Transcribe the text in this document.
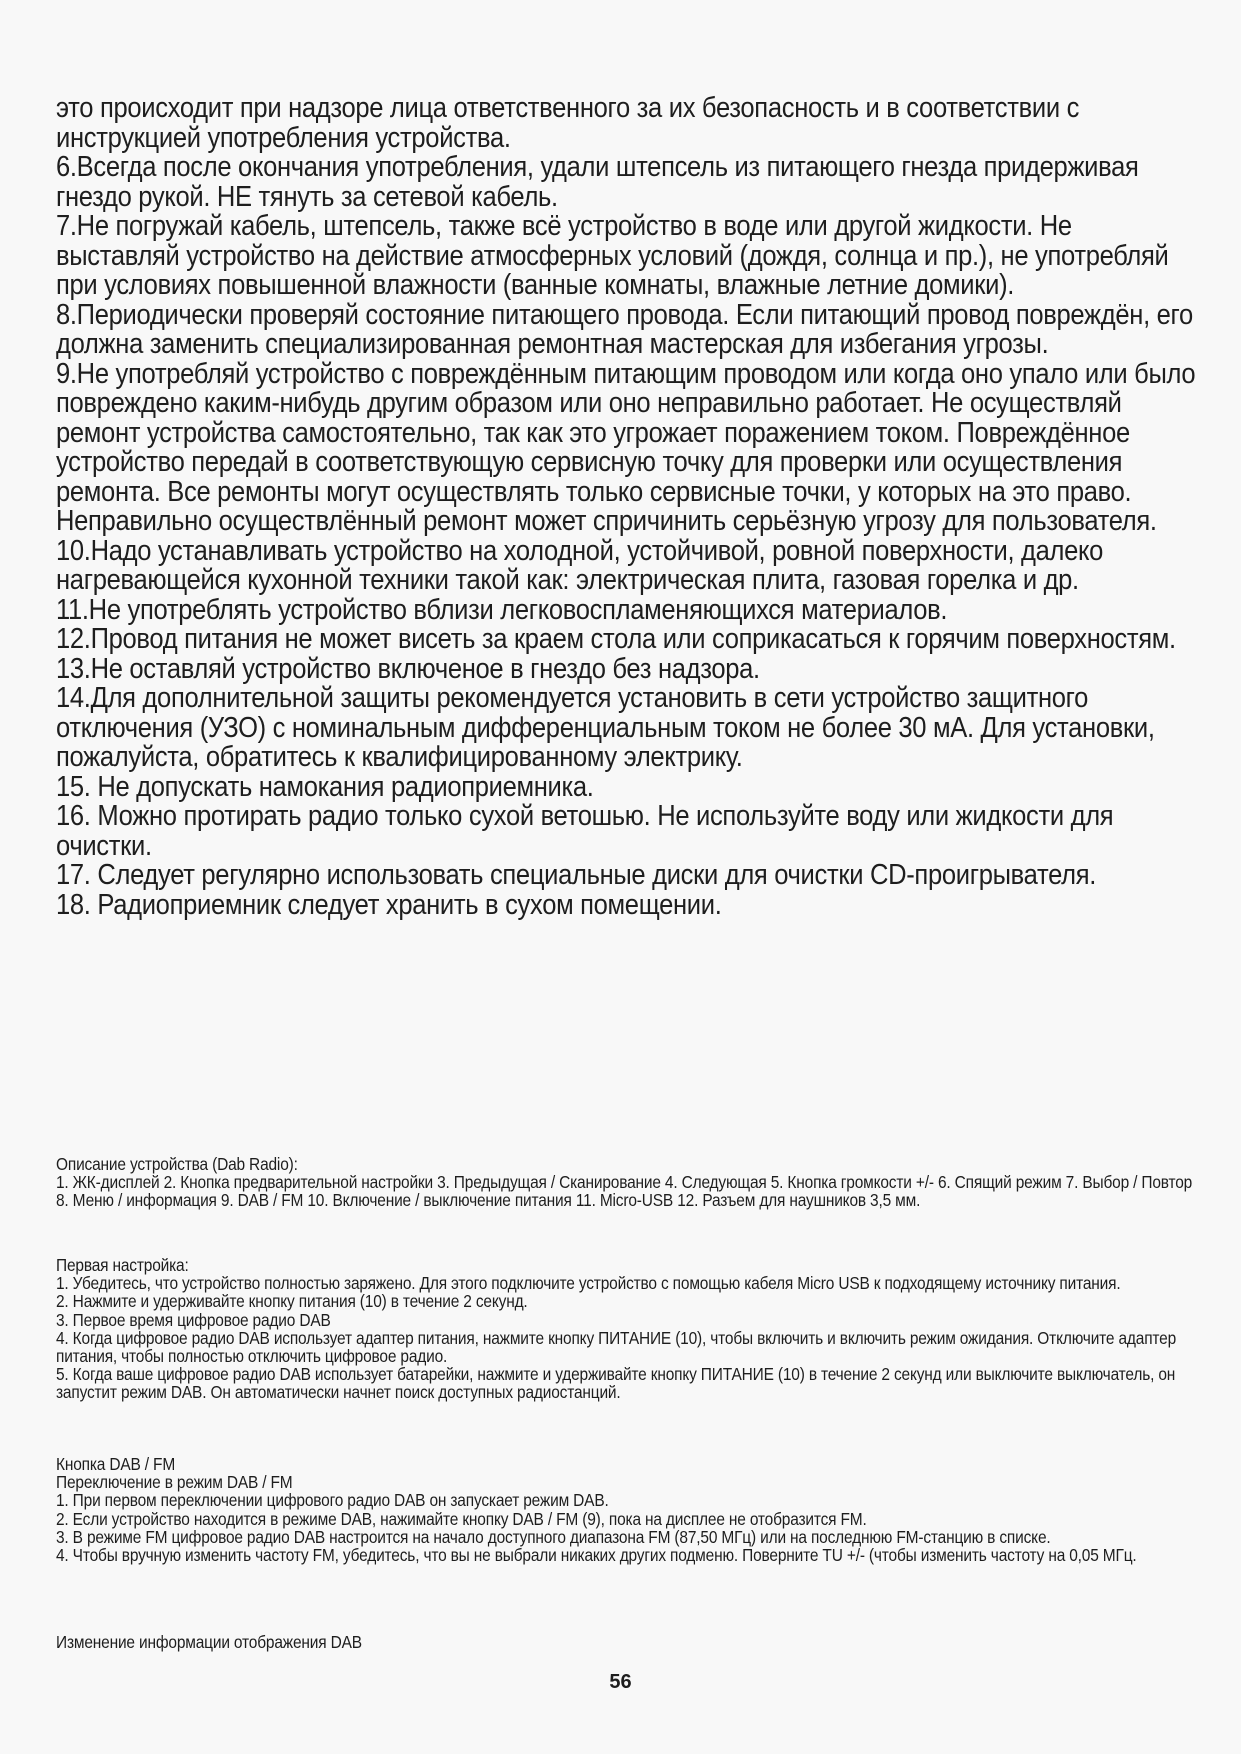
это происходит при надзоре лица ответственного за их безопасность и в соответствии с инструкцией употребления устройства.

6.Всегда после окончания употребления, удали штепсель из питающего гнезда придерживая гнездо рукой. НЕ тянуть за сетевой кабель.

7.Не погружай кабель, штепсель, также всё устройство в воде или другой жидкости. Не выставляй устройство на действие атмосферных условий (дождя, солнца и пр.), не употребляй при условиях повышенной влажности (ванные комнаты, влажные летние домики).

8.Периодически проверяй состояние питающего провода. Если питающий провод повреждён, его должна заменить специализированная ремонтная мастерская для избегания угрозы.

9.Не употребляй устройство с повреждённым питающим проводом или когда оно упало или было повреждено каким-нибудь другим образом или оно неправильно работает. Не осуществляй ремонт устройства самостоятельно, так как это угрожает поражением током. Повреждённое устройство передай в соответствующую сервисную точку для проверки или осуществления ремонта. Все ремонты могут осуществлять только сервисные точки, у которых на это право. Неправильно осуществлённый ремонт может спричинить серьёзную угрозу для пользователя.

10.Надо устанавливать устройство на холодной, устойчивой, ровной поверхности, далеко нагревающейся кухонной техники такой как: электрическая плита, газовая горелка и др.

11.Не употреблять устройство вблизи легковоспламеняющихся материалов.

12.Провод питания не может висеть за краем стола или соприкасаться к горячим поверхностям.

13.Не оставляй устройство включеное в гнездо без надзора.

14.Для дополнительной защиты рекомендуется установить в сети устройство защитного отключения (УЗО) с номинальным дифференциальным током не более 30 мА. Для установки, пожалуйста, обратитесь к квалифицированному электрику.

15. Не допускать намокания радиоприемника.

16. Можно протирать радио только сухой ветошью. Не используйте воду или жидкости для очистки.

17. Следует регулярно использовать специальные диски для очистки CD-проигрывателя.

18. Радиоприемник следует хранить в сухом помещении.

Описание устройства (Dab Radio):

1. ЖК-дисплей 2. Кнопка предварительной настройки 3. Предыдущая / Сканирование 4. Следующая 5. Кнопка громкости +/- 6. Спящий режим 7. Выбор / Повтор

8. Меню / информация 9. DAB / FM 10. Включение / выключение питания 11. Micro-USB 12. Разъем для наушников 3,5 мм.

Первая настройка:

1. Убедитесь, что устройство полностью заряжено. Для этого подключите устройство с помощью кабеля Micro USB к подходящему источнику питания.

2. Нажмите и удерживайте кнопку питания (10) в течение 2 секунд.

3. Первое время цифровое радио DAB

4. Когда цифровое радио DAB использует адаптер питания, нажмите кнопку ПИТАНИЕ (10), чтобы включить и включить режим ожидания. Отключите адаптер питания, чтобы полностью отключить цифровое радио.

5. Когда ваше цифровое радио DAB использует батарейки, нажмите и удерживайте кнопку ПИТАНИЕ (10) в течение 2 секунд или выключите выключатель, он запустит режим DAB. Он автоматически начнет поиск доступных радиостанций.

Кнопка DAB / FM

Переключение в режим DAB / FM

1. При первом переключении цифрового радио DAB он запускает режим DAB.

2. Если устройство находится в режиме DAB, нажимайте кнопку DAB / FM (9), пока на дисплее не отобразится FM.

3. В режиме FM цифровое радио DAB настроится на начало доступного диапазона FM (87,50 МГц) или на последнюю FM-станцию в списке.

4. Чтобы вручную изменить частоту FM, убедитесь, что вы не выбрали никаких других подменю. Поверните TU +/- (чтобы изменить частоту на 0,05 МГц.

Изменение информации отображения DAB

56
